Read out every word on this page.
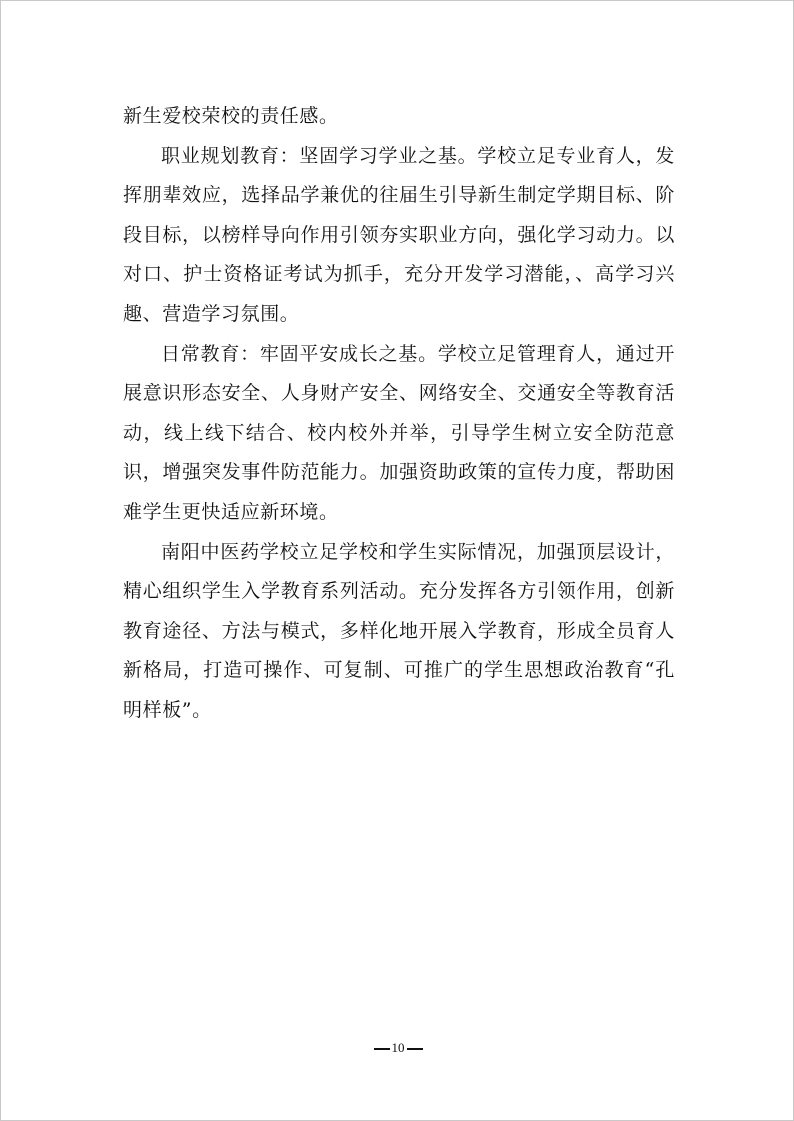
新生爱校荣校的责任感。

职业规划教育：坚固学习学业之基。学校立足专业育人，发挥朋辈效应，选择品学兼优的往届生引导新生制定学期目标、阶段目标，以榜样导向作用引领夯实职业方向，强化学习动力。以对口、护士资格证考试为抓手，充分开发学习潜能，、高学习兴趣、营造学习氛围。

日常教育：牢固平安成长之基。学校立足管理育人，通过开展意识形态安全、人身财产安全、网络安全、交通安全等教育活动，线上线下结合、校内校外并举，引导学生树立安全防范意识，增强突发事件防范能力。加强资助政策的宣传力度，帮助困难学生更快适应新环境。

南阳中医药学校立足学校和学生实际情况，加强顶层设计，精心组织学生入学教育系列活动。充分发挥各方引领作用，创新教育途径、方法与模式，多样化地开展入学教育，形成全员育人新格局，打造可操作、可复制、可推广的学生思想政治教育“孔明样板”。

10
